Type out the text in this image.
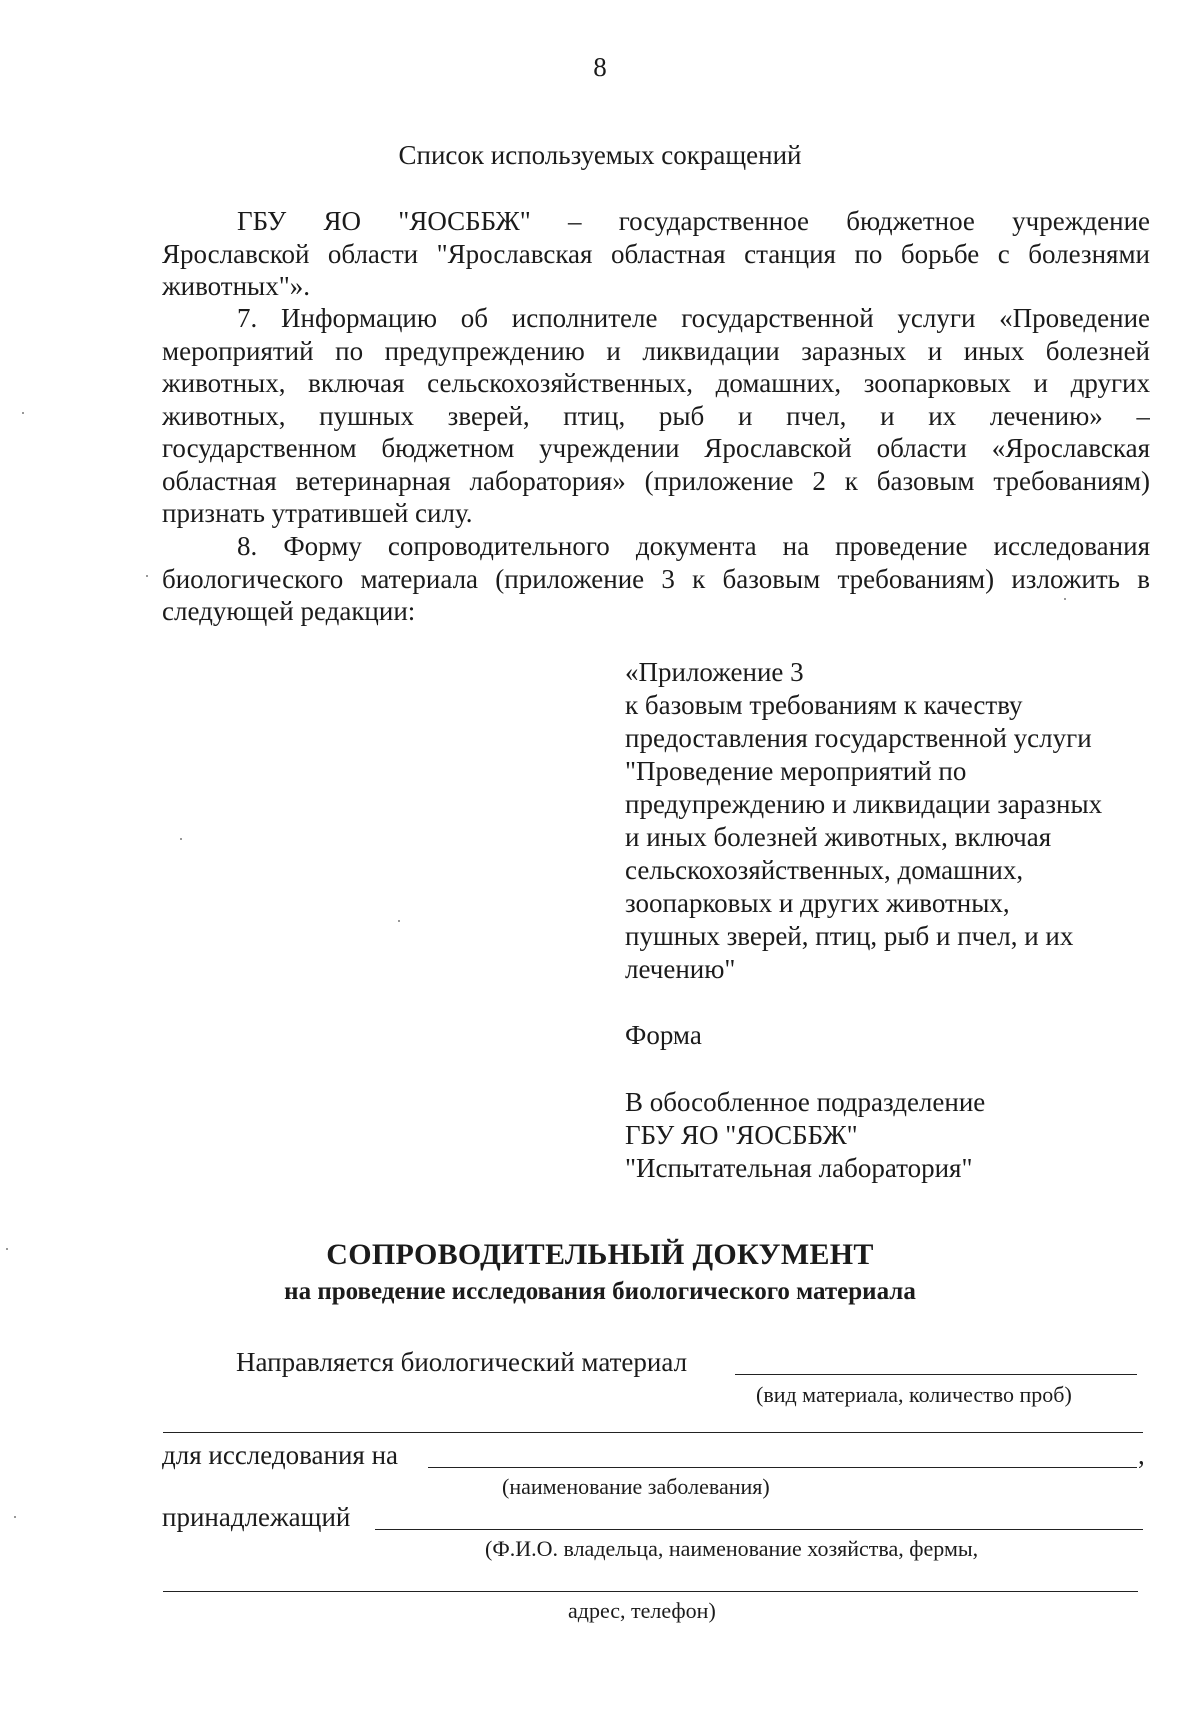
8
Список используемых сокращений
ГБУ ЯО "ЯОСББЖ" – государственное бюджетное учреждение
Ярославской области "Ярославская областная станция по борьбе с болезнями
животных"».
7. Информацию об исполнителе государственной услуги «Проведение
мероприятий по предупреждению и ликвидации заразных и иных болезней
животных, включая сельскохозяйственных, домашних, зоопарковых и других
животных, пушных зверей, птиц, рыб и пчел, и их лечению» –
государственном бюджетном учреждении Ярославской области «Ярославская
областная ветеринарная лаборатория» (приложение 2 к базовым требованиям)
признать утратившей силу.
8. Форму сопроводительного документа на проведение исследования
биологического материала (приложение 3 к базовым требованиям) изложить в
следующей редакции:
«Приложение 3
к базовым требованиям к качеству
предоставления государственной услуги
"Проведение мероприятий по
предупреждению и ликвидации заразных
и иных болезней животных, включая
сельскохозяйственных, домашних,
зоопарковых и других животных,
пушных зверей, птиц, рыб и пчел, и их
лечению"
Форма
В обособленное подразделение
ГБУ ЯО "ЯОСББЖ"
"Испытательная лаборатория"
СОПРОВОДИТЕЛЬНЫЙ ДОКУМЕНТ
на проведение исследования биологического материала
Направляется биологический материал
(вид материала, количество проб)
для исследования на	,
(наименование заболевания)
принадлежащий
(Ф.И.О. владельца, наименование хозяйства, фермы,
адрес, телефон)
